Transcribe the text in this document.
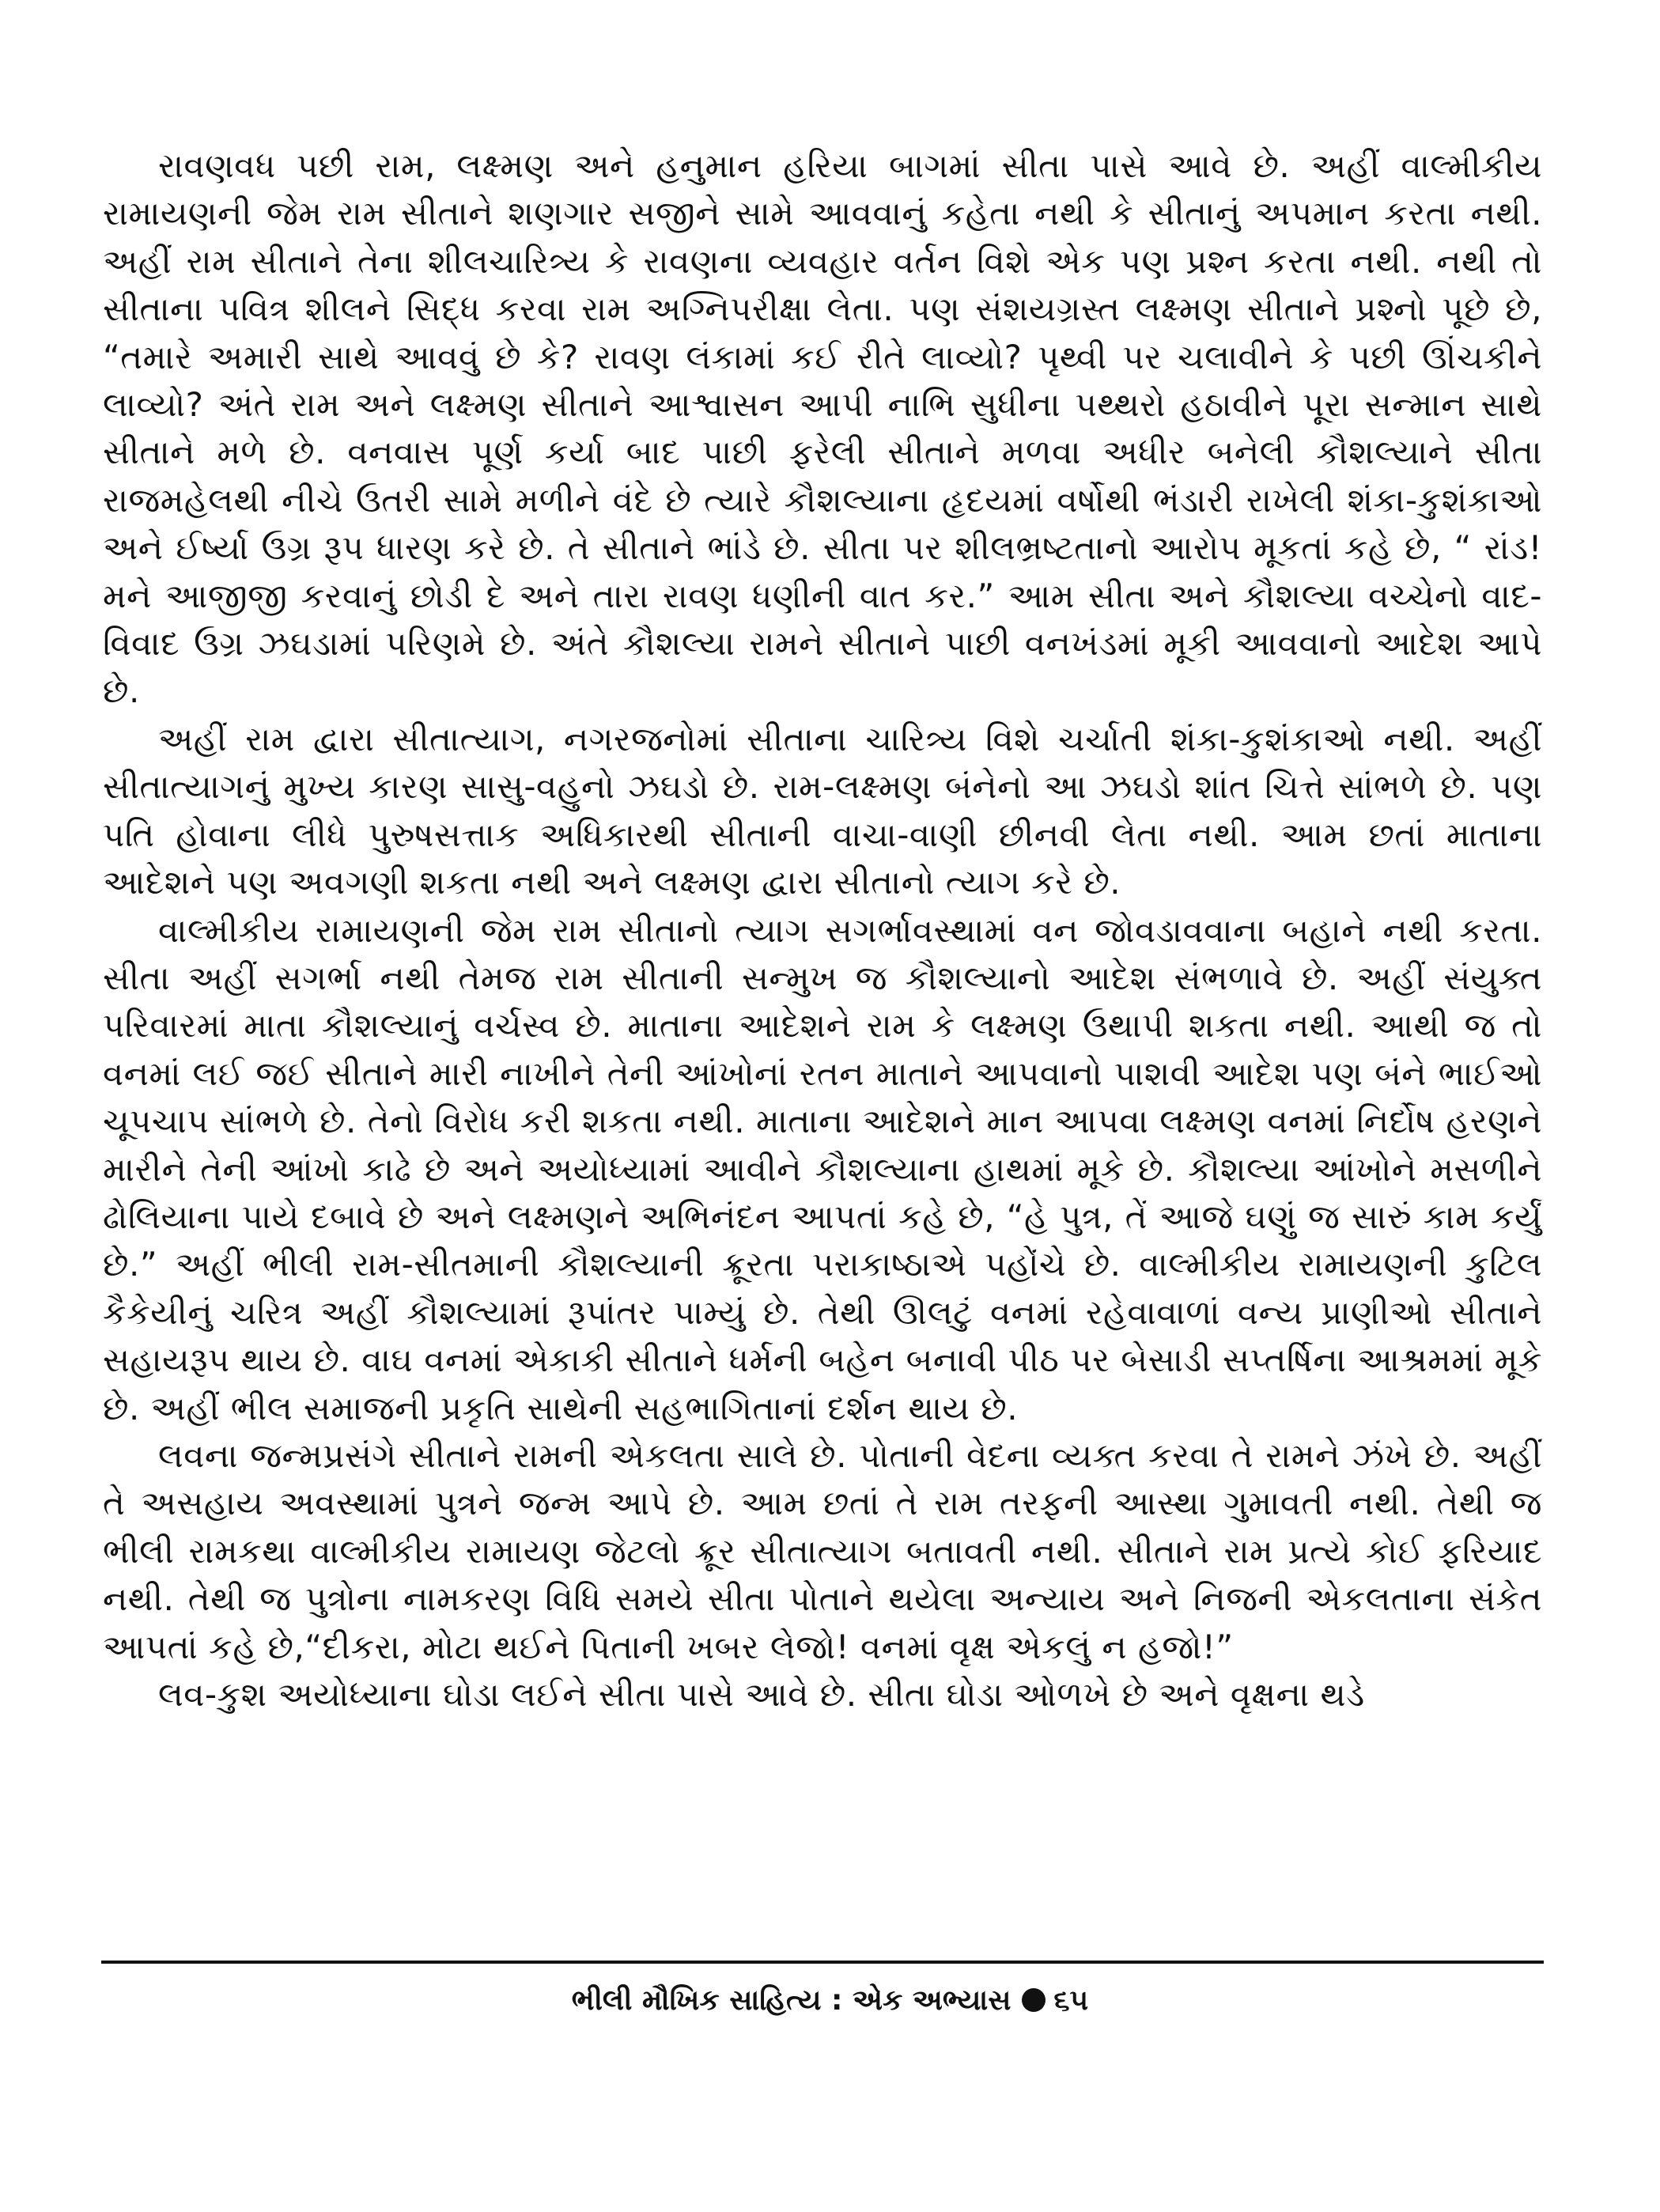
રાવણવધ પછી રામ, લક્ષ્મણ અને હનુમાન હરિયા બાગમાં સીતા પાસે આવે છે. અહીં વાલ્મીકીય રામાયણની જેમ રામ સીતાને શણગાર સજીને સામે આવવાનું કહેતા નથી કે સીતાનું અપમાન કરતા નથી. અહીં રામ સીતાને તેના શીલચારિત્ર્ય કે રાવણના વ્યવહાર વર્તન વિશે એક પણ પ્રશ્ન કરતા નથી. નથી તો સીતાના પવિત્ર શીલને સિદ્ધ કરવા રામ અગ્નિપરીક્ષા લેતા. પણ સંશયગ્રસ્ત લક્ષ્મણ સીતાને પ્રશ્નો પૂછે છે, “તમારે અમારી સાથે આવવું છે કે? રાવણ લંકામાં કઈ રીતે લાવ્યો? પૃથ્વી પર ચલાવીને કે પછી ઊંચકીને લાવ્યો? અંતે રામ અને લક્ષ્મણ સીતાને આશ્વાસન આપી નાભિ સુધીના પથ્થરો હઠાવીને પૂરા સન્માન સાથે સીતાને મળે છે. વનવાસ પૂર્ણ કર્યા બાદ પાછી ફરેલી સીતાને મળવા અધીર બનેલી કૌશલ્યાને સીતા રાજમહેલથી નીચે ઉતરી સામે મળીને વંદે છે ત્યારે કૌશલ્યાના હૃદયમાં વર્ષોથી ભંડારી રાખેલી શંકા-કુશંકાઓ અને ઈર્ષ્યા ઉગ્ર રૂપ ધારણ કરે છે. તે સીતાને ભાંડે છે. સીતા પર શીલભ્રષ્ટતાનો આરોપ મૂકતાં કહે છે, “ રાંડ! મને આજીજી કરવાનું છોડી દે અને તારા રાવણ ધણીની વાત કર.” આમ સીતા અને કૌશલ્યા વચ્ચેનો વાદ-વિવાદ ઉગ્ર ઝઘડામાં પરિણમે છે. અંતે કૌશલ્યા રામને સીતાને પાછી વનખંડમાં મૂકી આવવાનો આદેશ આપે છે.

અહીં રામ દ્વારા સીતાત્યાગ, નગરજનોમાં સીતાના ચારિત્ર્ય વિશે ચર્ચાતી શંકા-કુશંકાઓ નથી. અહીં સીતાત્યાગનું મુખ્ય કારણ સાસુ-વહુનો ઝઘડો છે. રામ-લક્ષ્મણ બંનેનો આ ઝઘડો શાંત ચિત્તે સાંભળે છે. પણ પતિ હોવાના લીધે પુરુષસત્તાક અધિકારથી સીતાની વાચા-વાણી છીનવી લેતા નથી. આમ છતાં માતાના આદેશને પણ અવગણી શકતા નથી અને લક્ષ્મણ દ્વારા સીતાનો ત્યાગ કરે છે.

વાલ્મીકીય રામાયણની જેમ રામ સીતાનો ત્યાગ સગર્ભાવસ્થામાં વન જોવડાવવાના બહાને નથી કરતા. સીતા અહીં સગર્ભા નથી તેમજ રામ સીતાની સન્મુખ જ કૌશલ્યાનો આદેશ સંભળાવે છે. અહીં સંયુક્ત પરિવારમાં માતા કૌશલ્યાનું વર્ચસ્વ છે. માતાના આદેશને રામ કે લક્ષ્મણ ઉથાપી શકતા નથી. આથી જ તો વનમાં લઈ જઈ સીતાને મારી નાખીને તેની આંખોનાં રતન માતાને આપવાનો પાશવી આદેશ પણ બંને ભાઈઓ ચૂપચાપ સાંભળે છે. તેનો વિરોધ કરી શકતા નથી. માતાના આદેશને માન આપવા લક્ષ્મણ વનમાં નિર્દોષ હરણને મારીને તેની આંખો કાઢે છે અને અયોધ્યામાં આવીને કૌશલ્યાના હાથમાં મૂકે છે. કૌશલ્યા આંખોને મસળીને ઢોલિયાના પાયે દબાવે છે અને લક્ષ્મણને અભિનંદન આપતાં કહે છે, “હે પુત્ર, તેં આજે ઘણું જ સારું કામ કર્યું છે.” અહીં ભીલી રામ-સીતમાની કૌશલ્યાની ક્રૂરતા પરાકાષ્ઠાએ પહોંચે છે. વાલ્મીકીય રામાયણની કુટિલ કૈકેયીનું ચરિત્ર અહીં કૌશલ્યામાં રૂપાંતર પામ્યું છે. તેથી ઊલટું વનમાં રહેવાવાળાં વન્ય પ્રાણીઓ સીતાને સહાયરૂપ થાય છે. વાઘ વનમાં એકાકી સીતાને ધર્મની બહેન બનાવી પીઠ પર બેસાડી સપ્તર્ષિના આશ્રમમાં મૂકે છે. અહીં ભીલ સમાજની પ્રકૃતિ સાથેની સહભાગિતાનાં દર્શન થાય છે.

લવના જન્મપ્રસંગે સીતાને રામની એકલતા સાલે છે. પોતાની વેદના વ્યક્ત કરવા તે રામને ઝંખે છે. અહીં તે અસહાય અવસ્થામાં પુત્રને જન્મ આપે છે. આમ છતાં તે રામ તરફની આસ્થા ગુમાવતી નથી. તેથી જ ભીલી રામકથા વાલ્મીકીય રામાયણ જેટલો ક્રૂર સીતાત્યાગ બતાવતી નથી. સીતાને રામ પ્રત્યે કોઈ ફરિયાદ નથી. તેથી જ પુત્રોના નામકરણ વિધિ સમયે સીતા પોતાને થયેલા અન્યાય અને નિજની એકલતાના સંકેત આપતાં કહે છે,“દીકરા, મોટા થઈને પિતાની ખબર લેજો! વનમાં વૃક્ષ એકલું ન હજો!”

લવ-કુશ અયોધ્યાના ઘોડા લઈને સીતા પાસે આવે છે. સીતા ઘોડા ઓળખે છે અને વૃક્ષના થડે

ભીલી મૌખિક સાહિત્ય : એક અભ્યાસ ૬૫
